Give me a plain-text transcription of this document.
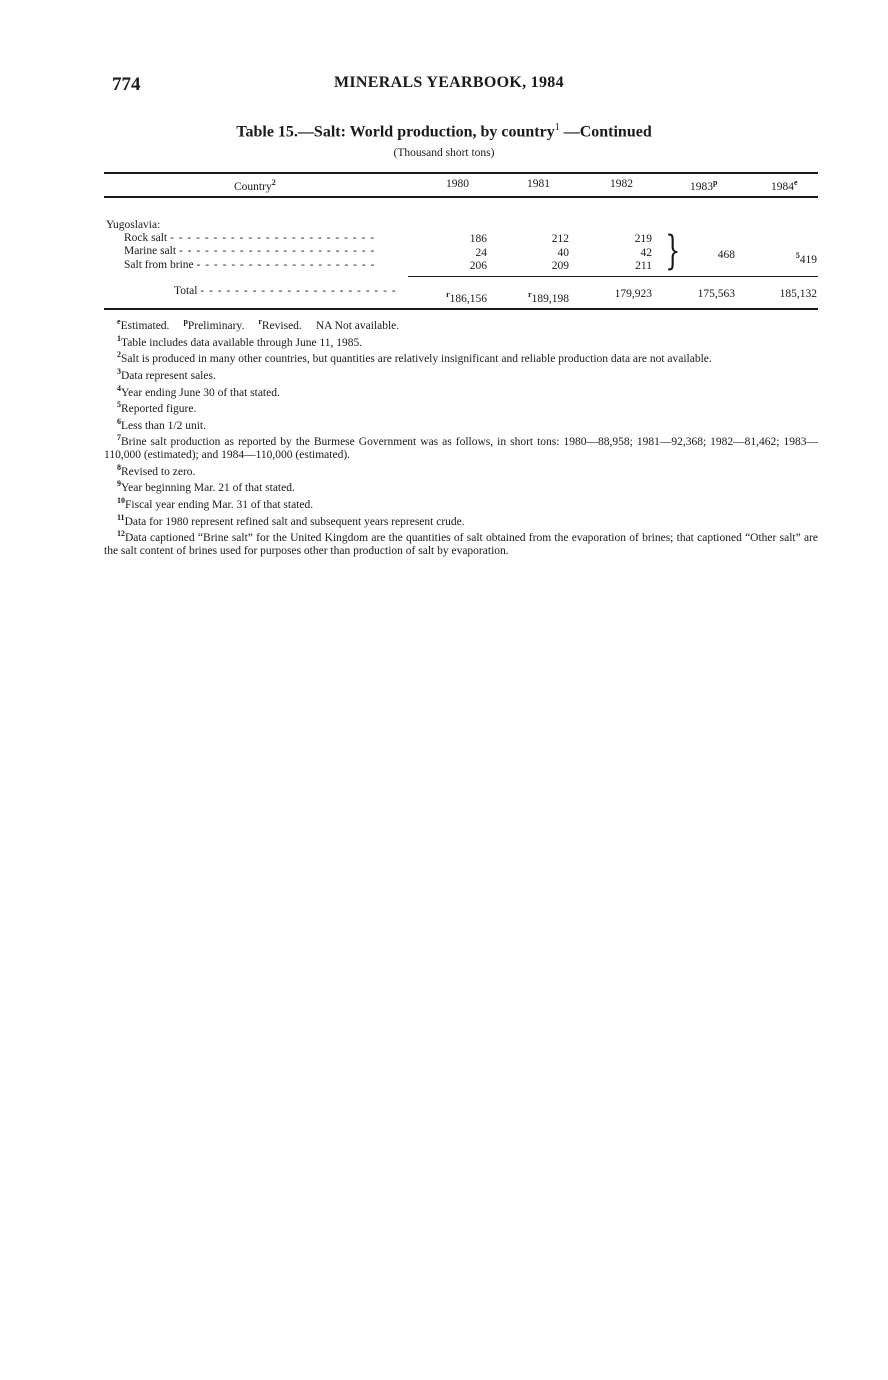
774	MINERALS YEARBOOK, 1984
Table 15.—Salt: World production, by country$^1$ —Continued
(Thousand short tons)
Country$^2$	1980	1981	1982	1983$^p$	1984e
Yugoslavia:
Rock salt - - - - - - - - - - - - - - - - - - - - - - - -	186	212	219
Marine salt - - - - - - - - - - - - - - - - - - - - - - -	24	40	42
Salt from brine - - - - - - - - - - - - - - - - - - - - -	206	209	211 }	468	$^5$419
Total - - - - - - - - - - - - - - - - - - - - - - -	$^r$186,156	$^r$189,198	179,923	175,563	185,132

$^e$Estimated. $^p$Preliminary. $^r$Revised. NA Not available.

$^1$Table includes data available through June 11, 1985.

$^2$Salt is produced in many other countries, but quantities are relatively insignificant and reliable production data are not available.

$^3$Data represent sales.

$^4$Year ending June 30 of that stated.

$^5$Reported figure.

$^6$Less than 1/2 unit.

$^7$Brine salt production as reported by the Burmese Government was as follows, in short tons: 1980—88,958; 1981—92,368; 1982—81,462; 1983—110,000 (estimated); and 1984—110,000 (estimated).

$^8$Revised to zero.

$^9$Year beginning Mar. 21 of that stated.

$^{10}$Fiscal year ending Mar. 31 of that stated.

$^{11}$Data for 1980 represent refined salt and subsequent years represent crude.

$^{12}$Data captioned “Brine salt” for the United Kingdom are the quantities of salt obtained from the evaporation of brines; that captioned “Other salt” are the salt content of brines used for purposes other than production of salt by evaporation.
